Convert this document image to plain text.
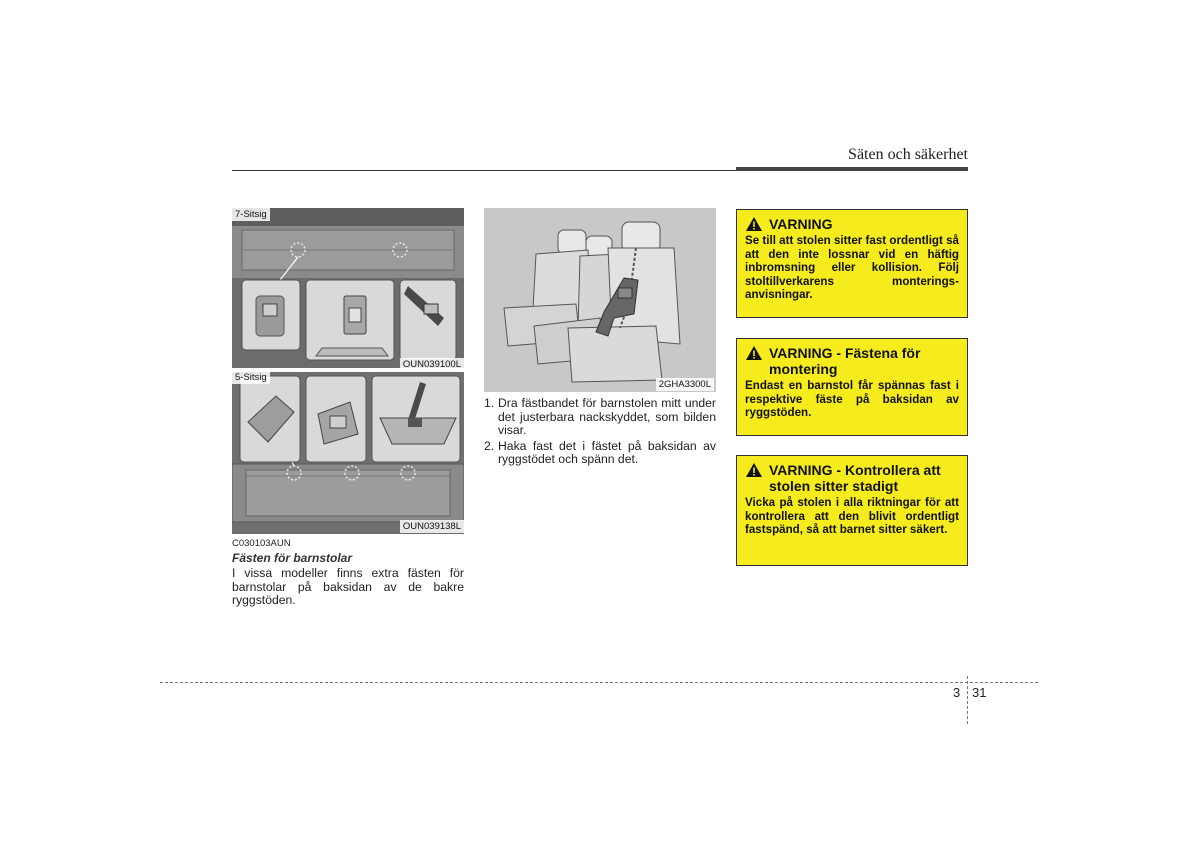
Säten och säkerhet
7-Sitsig
OUN039100L
5-Sitsig
OUN039138L
C030103AUN
Fästen för barnstolar
I vissa modeller finns extra fästen för barnstolar på baksidan av de bakre ryggstöden.
2GHA3300L
1. Dra fästbandet för barnstolen mitt under det justerbara nackskyddet, som bilden visar.
2. Haka fast det i fästet på baksidan av ryggstödet och spänn det.
VARNING
Se till att stolen sitter fast ordentligt så att den inte lossnar vid en häftig inbromsning eller kollision. Följ stoltillverkarens monterings-anvisningar.
VARNING - Fästena för montering
Endast en barnstol får spännas fast i respektive fäste på baksidan av ryggstöden.
VARNING - Kontrollera att stolen sitter stadigt
Vicka på stolen i alla riktningar för att kontrollera att den blivit ordentligt fastspänd, så att barnet sitter säkert.
3 31
